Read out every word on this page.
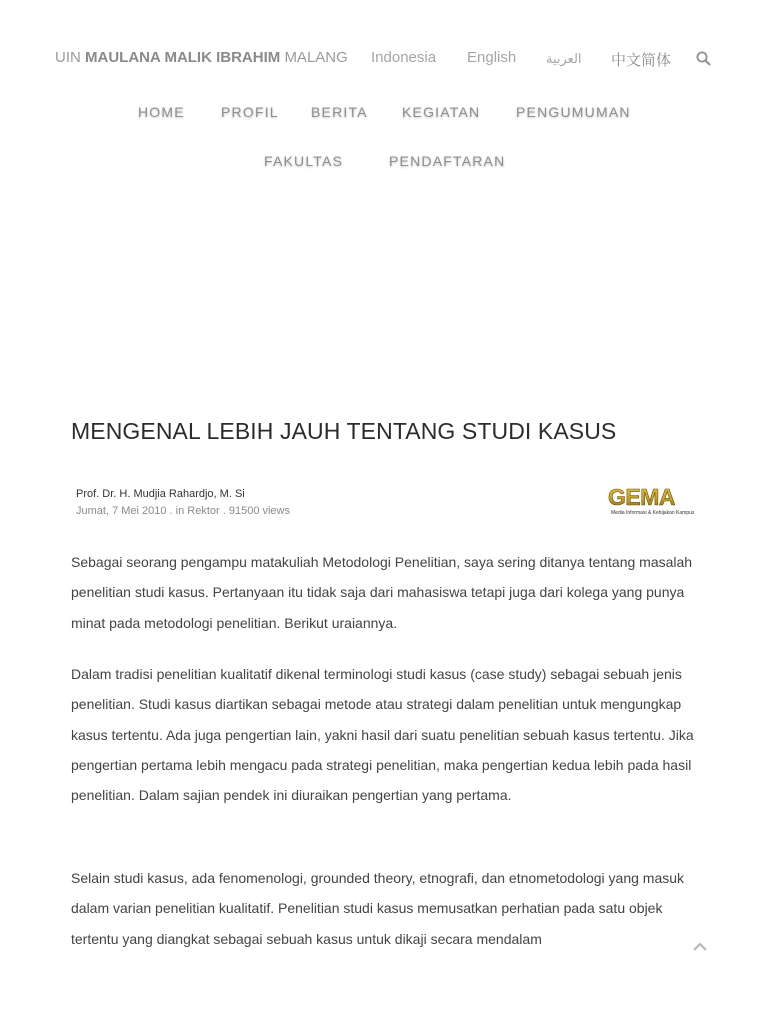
UIN MAULANA MALIK IBRAHIM MALANG Indonesia English العربية 中文简体
HOME	PROFIL BERITA KEGIATAN	PENGUMUMAN
FAKULTAS	PENDAFTARAN
MENGENAL LEBIH JAUH TENTANG STUDI KASUS
Prof. Dr. H. Mudjia Rahardjo, M. Si
Jumat, 7 Mei 2010 . in Rektor . 91500 views
GEMA
Media Informasi & Kebijakan Kampus

Sebagai seorang pengampu matakuliah Metodologi Penelitian, saya sering ditanya tentang masalah penelitian studi kasus. Pertanyaan itu tidak saja dari mahasiswa tetapi juga dari kolega yang punya minat pada metodologi penelitian. Berikut uraiannya.

Dalam tradisi penelitian kualitatif dikenal terminologi studi kasus (case study) sebagai sebuah jenis penelitian. Studi kasus diartikan sebagai metode atau strategi dalam penelitian untuk mengungkap kasus tertentu. Ada juga pengertian lain, yakni hasil dari suatu penelitian sebuah kasus tertentu. Jika pengertian pertama lebih mengacu pada strategi penelitian, maka pengertian kedua lebih pada hasil penelitian. Dalam sajian pendek ini diuraikan pengertian yang pertama.

Selain studi kasus, ada fenomenologi, grounded theory, etnografi, dan etnometodologi yang masuk dalam varian penelitian kualitatif. Penelitian studi kasus memusatkan perhatian pada satu objek tertentu yang diangkat sebagai sebuah kasus untuk dikaji secara mendalam
